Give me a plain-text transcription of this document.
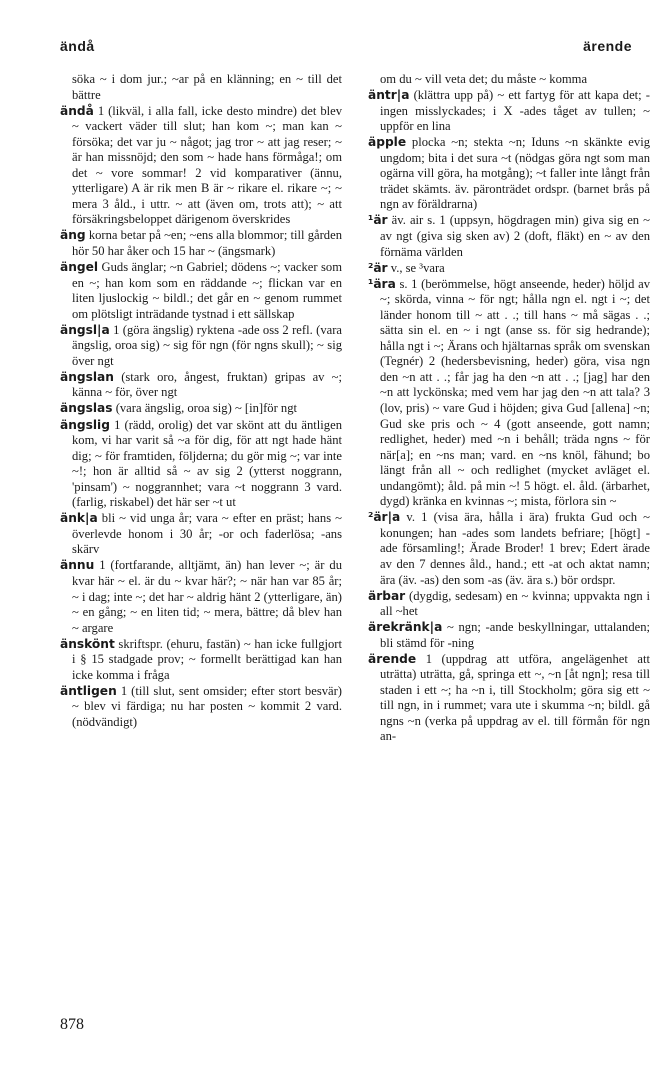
ändå	ärende

söka ~ i dom jur.; ~ar på en klänning; en ~ till det bättre

ändå 1 (likväl, i alla fall, icke desto mindre) det blev ~ vackert väder till slut; han kom ~; man kan ~ försöka; det var ju ~ något; jag tror ~ att jag reser; ~ är han missnöjd; den som ~ hade hans förmåga!; om det ~ vore sommar! 2 vid komparativer (ännu, ytterligare) A är rik men B är ~ rikare el. rikare ~; ~ mera 3 åld., i uttr. ~ att (även om, trots att); ~ att försäkringsbeloppet därigenom överskrides

äng korna betar på ~en; ~ens alla blommor; till gården hör 50 har åker och 15 har ~ (ängsmark)

ängel Guds änglar; ~n Gabriel; dödens ~; vacker som en ~; han kom som en räddande ~; flickan var en liten ljuslockig ~ bildl.; det går en ~ genom rummet om plötsligt inträdande tystnad i ett sällskap

ängsl|a 1 (göra ängslig) ryktena -ade oss 2 refl. (vara ängslig, oroa sig) ~ sig för ngn (för ngns skull); ~ sig över ngt

ängslan (stark oro, ångest, fruktan) gripas av ~; känna ~ för, över ngt

ängslas (vara ängslig, oroa sig) ~ [in]för ngt

ängslig 1 (rädd, orolig) det var skönt att du äntligen kom, vi har varit så ~a för dig, för att ngt hade hänt dig; ~ för framtiden, följderna; du gör mig ~; var inte ~!; hon är alltid så ~ av sig 2 (ytterst noggrann, 'pinsam') ~ noggrannhet; vara ~t noggrann 3 vard. (farlig, riskabel) det här ser ~t ut

änk|a bli ~ vid unga år; vara ~ efter en präst; hans ~ överlevde honom i 30 år; -or och faderlösa; -ans skärv

ännu 1 (fortfarande, alltjämt, än) han lever ~; är du kvar här ~ el. är du ~ kvar här?; ~ när han var 85 år; ~ i dag; inte ~; det har ~ aldrig hänt 2 (ytterligare, än) ~ en gång; ~ en liten tid; ~ mera, bättre; då blev han ~ argare

änskönt skriftspr. (ehuru, fastän) ~ han icke fullgjort i § 15 stadgade prov; ~ formellt berättigad kan han icke komma i fråga

äntligen 1 (till slut, sent omsider; efter stort besvär) ~ blev vi färdiga; nu har posten ~ kommit 2 vard. (nödvändigt)

om du ~ vill veta det; du måste ~ komma

äntr|a (klättra upp på) ~ ett fartyg för att kapa det; -ingen misslyckades; i X -ades tåget av tullen; ~ uppför en lina

äpple plocka ~n; stekta ~n; Iduns ~n skänkte evig ungdom; bita i det sura ~t (nödgas göra ngt som man ogärna vill göra, ha motgång); ~t faller inte långt från trädet skämts. äv. päronträdet ordspr. (barnet brås på ngn av föräldrarna)

¹är äv. air s. 1 (uppsyn, högdragen min) giva sig en ~ av ngt (giva sig sken av) 2 (doft, fläkt) en ~ av den förnäma världen

²är v., se ³vara

¹ära s. 1 (berömmelse, högt anseende, heder) höljd av ~; skörda, vinna ~ för ngt; hålla ngn el. ngt i ~; det länder honom till ~ att . .; till hans ~ må sägas . .; sätta sin el. en ~ i ngt (anse ss. för sig hedrande); hålla ngt i ~; Ärans och hjältarnas språk om svenskan (Tegnér) 2 (hedersbevisning, heder) göra, visa ngn den ~n att . .; får jag ha den ~n att . .; [jag] har den ~n att lyckönska; med vem har jag den ~n att tala? 3 (lov, pris) ~ vare Gud i höjden; giva Gud [allena] ~n; Gud ske pris och ~ 4 (gott anseende, gott namn; redlighet, heder) med ~n i behåll; träda ngns ~ för när[a]; en ~ns man; vard. en ~ns knöl, fähund; bo längt från all ~ och redlighet (mycket avläget el. undangömt); åld. på min ~! 5 högt. el. åld. (ärbarhet, dygd) kränka en kvinnas ~; mista, förlora sin ~

²är|a v. 1 (visa ära, hålla i ära) frukta Gud och ~ konungen; han -ades som landets befriare; [högt] -ade församling!; Ärade Broder! 1 brev; Edert ärade av den 7 dennes åld., hand.; ett -at och aktat namn; ära (äv. -as) den som -as (äv. ära s.) bör ordspr.

ärbar (dygdig, sedesam) en ~ kvinna; uppvakta ngn i all ~het

ärekränk|a ~ ngn; -ande beskyllningar, uttalanden; bli stämd för -ning

ärende 1 (uppdrag att utföra, angelägenhet att uträtta) uträtta, gå, springa ett ~, ~n [åt ngn]; resa till staden i ett ~; ha ~n i, till Stockholm; göra sig ett ~ till ngn, in i rummet; vara ute i skumma ~n; bildl. gå ngns ~n (verka på uppdrag av el. till förmån för ngn an-

878
